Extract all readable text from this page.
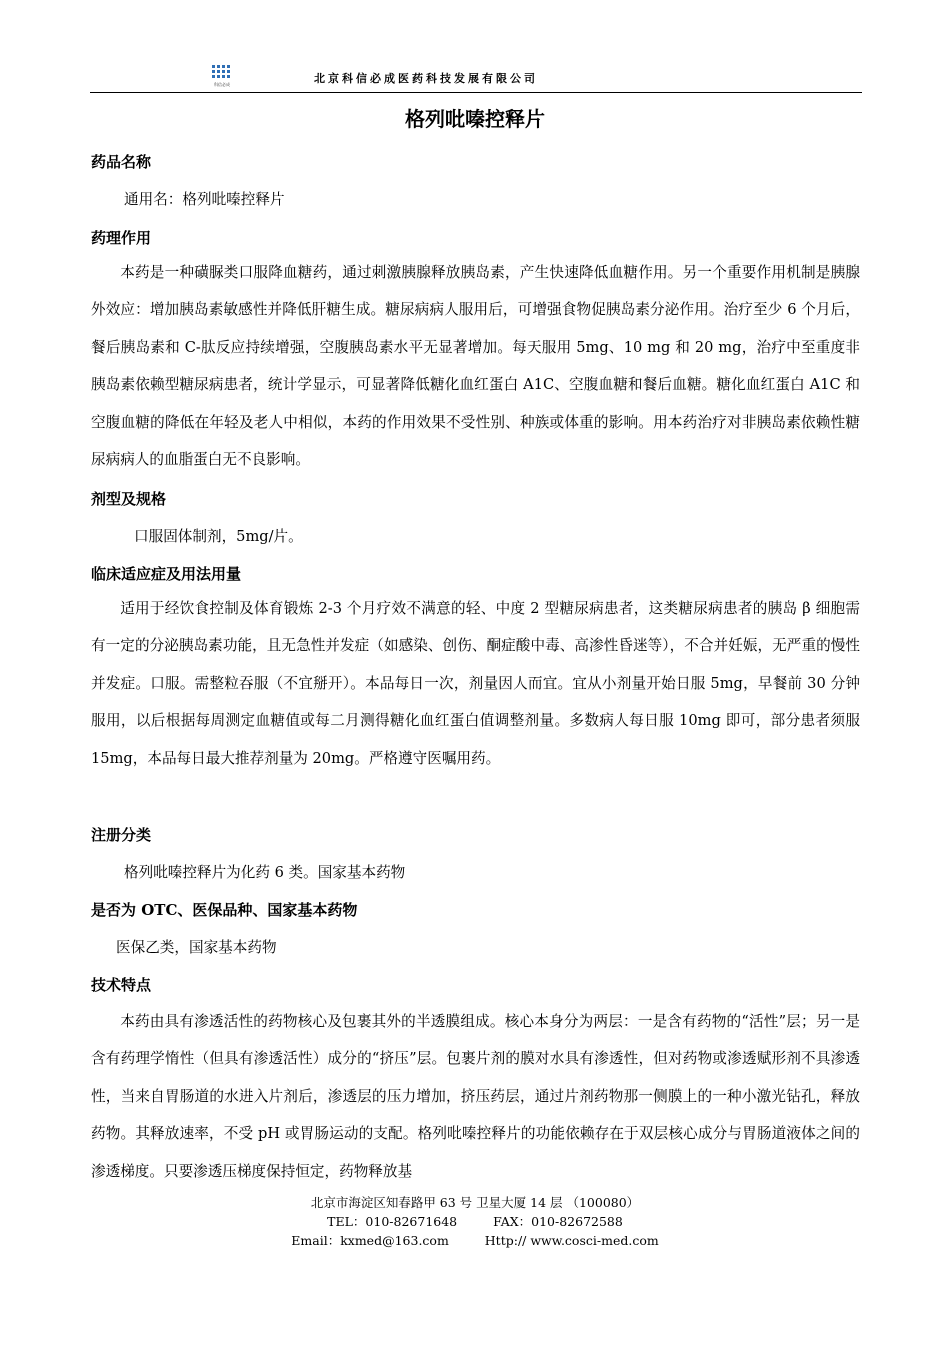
科信必成	北京科信必成医药科技发展有限公司
格列吡嗪控释片
药品名称
通用名：格列吡嗪控释片
药理作用
本药是一种磺脲类口服降血糖药，通过刺激胰腺释放胰岛素，产生快速降低血糖作用。另一个重要作用机制是胰腺外效应：增加胰岛素敏感性并降低肝糖生成。糖尿病病人服用后，可增强食物促胰岛素分泌作用。治疗至少 6 个月后，餐后胰岛素和 C-肽反应持续增强，空腹胰岛素水平无显著增加。每天服用 5mg、10 mg 和 20 mg，治疗中至重度非胰岛素依赖型糖尿病患者，统计学显示，可显著降低糖化血红蛋白 A1C、空腹血糖和餐后血糖。糖化血红蛋白 A1C 和空腹血糖的降低在年轻及老人中相似，本药的作用效果不受性别、种族或体重的影响。用本药治疗对非胰岛素依赖性糖尿病病人的血脂蛋白无不良影响。
剂型及规格
口服固体制剂，5mg/片。
临床适应症及用法用量
适用于经饮食控制及体育锻炼 2-3 个月疗效不满意的轻、中度 2 型糖尿病患者，这类糖尿病患者的胰岛 β 细胞需有一定的分泌胰岛素功能，且无急性并发症（如感染、创伤、酮症酸中毒、高渗性昏迷等），不合并妊娠，无严重的慢性并发症。口服。需整粒吞服（不宜掰开）。本品每日一次，剂量因人而宜。宜从小剂量开始日服 5mg，早餐前 30 分钟服用，以后根据每周测定血糖值或每二月测得糖化血红蛋白值调整剂量。多数病人每日服 10mg 即可，部分患者须服 15mg，本品每日最大推荐剂量为 20mg。严格遵守医嘱用药。
注册分类
格列吡嗪控释片为化药 6 类。国家基本药物
是否为 OTC、医保品种、国家基本药物
医保乙类，国家基本药物
技术特点
本药由具有渗透活性的药物核心及包裹其外的半透膜组成。核心本身分为两层：一是含有药物的“活性”层；另一是含有药理学惰性（但具有渗透活性）成分的“挤压”层。包裹片剂的膜对水具有渗透性，但对药物或渗透赋形剂不具渗透性，当来自胃肠道的水进入片剂后，渗透层的压力增加，挤压药层，通过片剂药物那一侧膜上的一种小激光钻孔，释放药物。其释放速率，不受 pH 或胃肠运动的支配。格列吡嗪控释片的功能依赖存在于双层核心成分与胃肠道液体之间的渗透梯度。只要渗透压梯度保持恒定，药物释放基
北京市海淀区知春路甲 63 号 卫星大厦 14 层 （100080）
TEL：010-82671648	FAX：010-82672588
Email：kxmed@163.com	Http:// www.cosci-med.com
